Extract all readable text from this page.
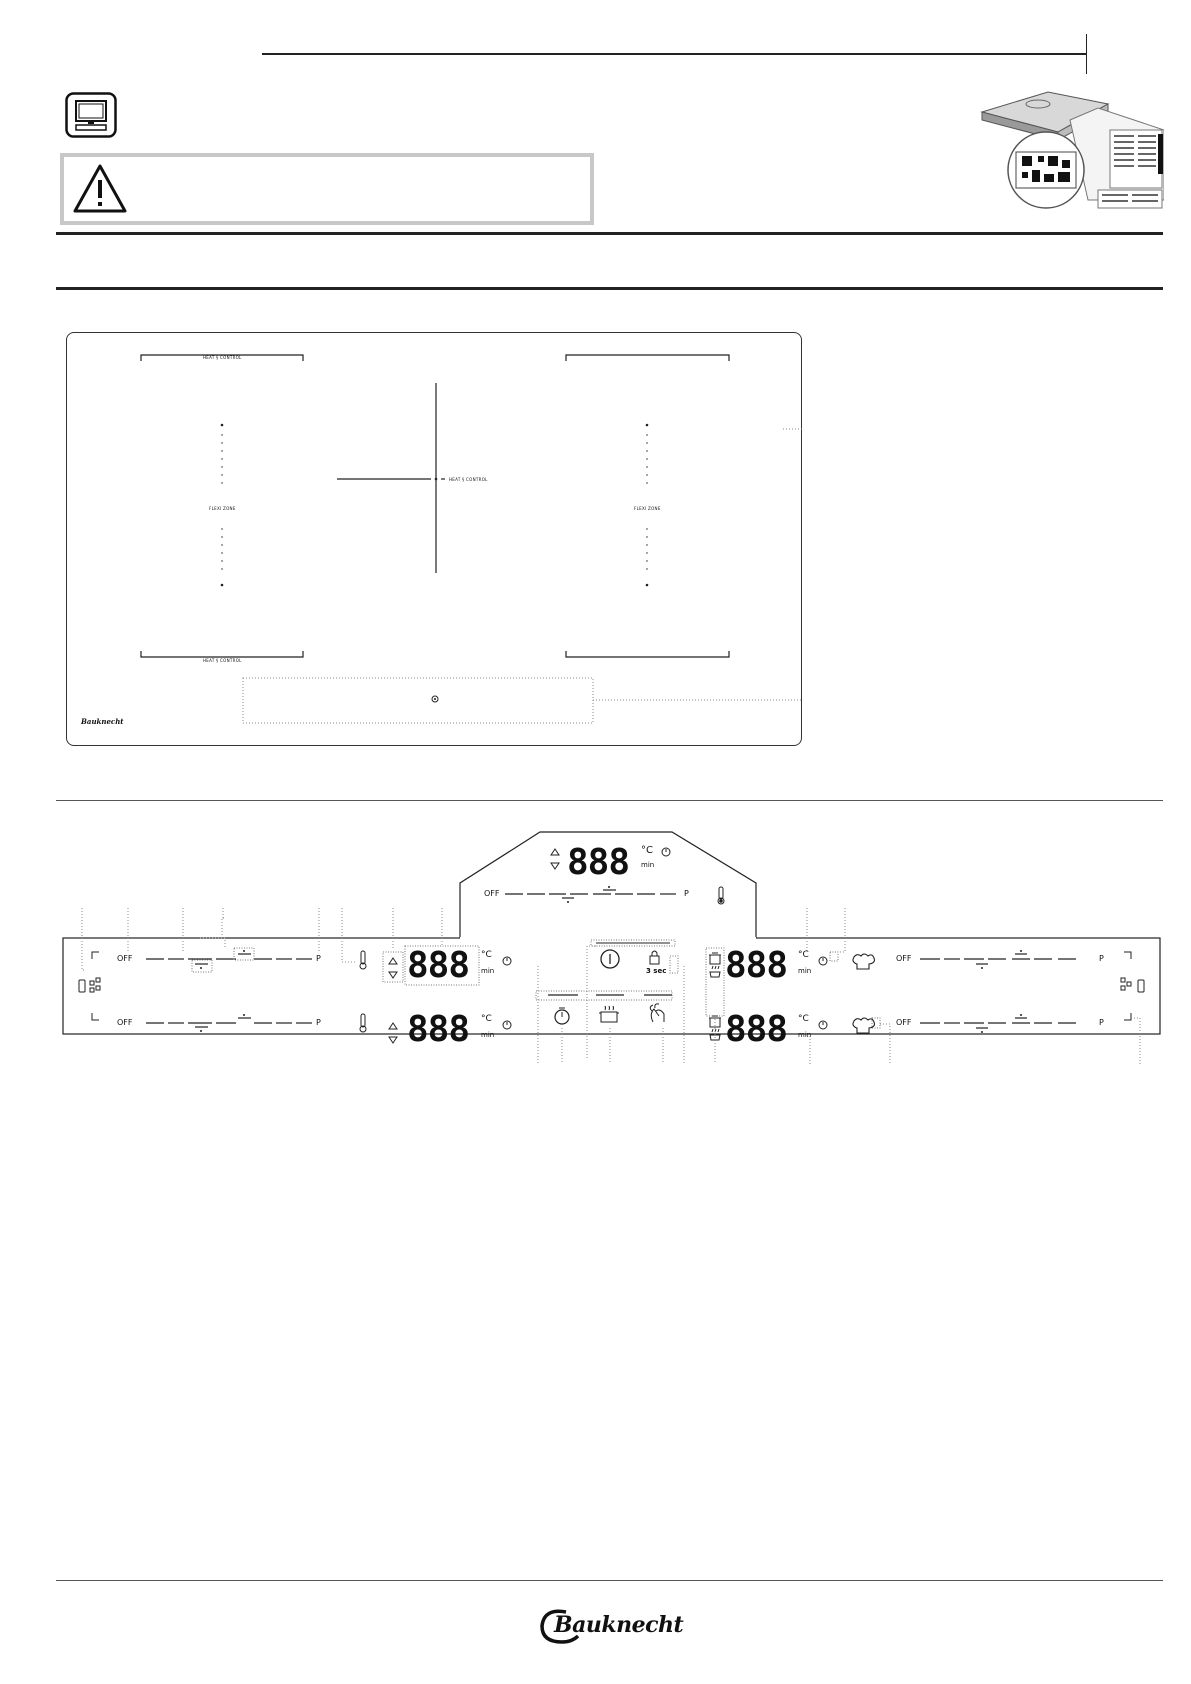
HEAT § CONTROL
HEAT § CONTROL
FLEXI ZONE	FLEXI ZONE
HEAT § CONTROL
Bauknecht
888 °C
min
OFF	P
OFF	P
OFF	P
888 °C
min
888 °C
min
3 sec 888 °C
min
888 °C
min
OFF	P
OFF	P
Bauknecht
